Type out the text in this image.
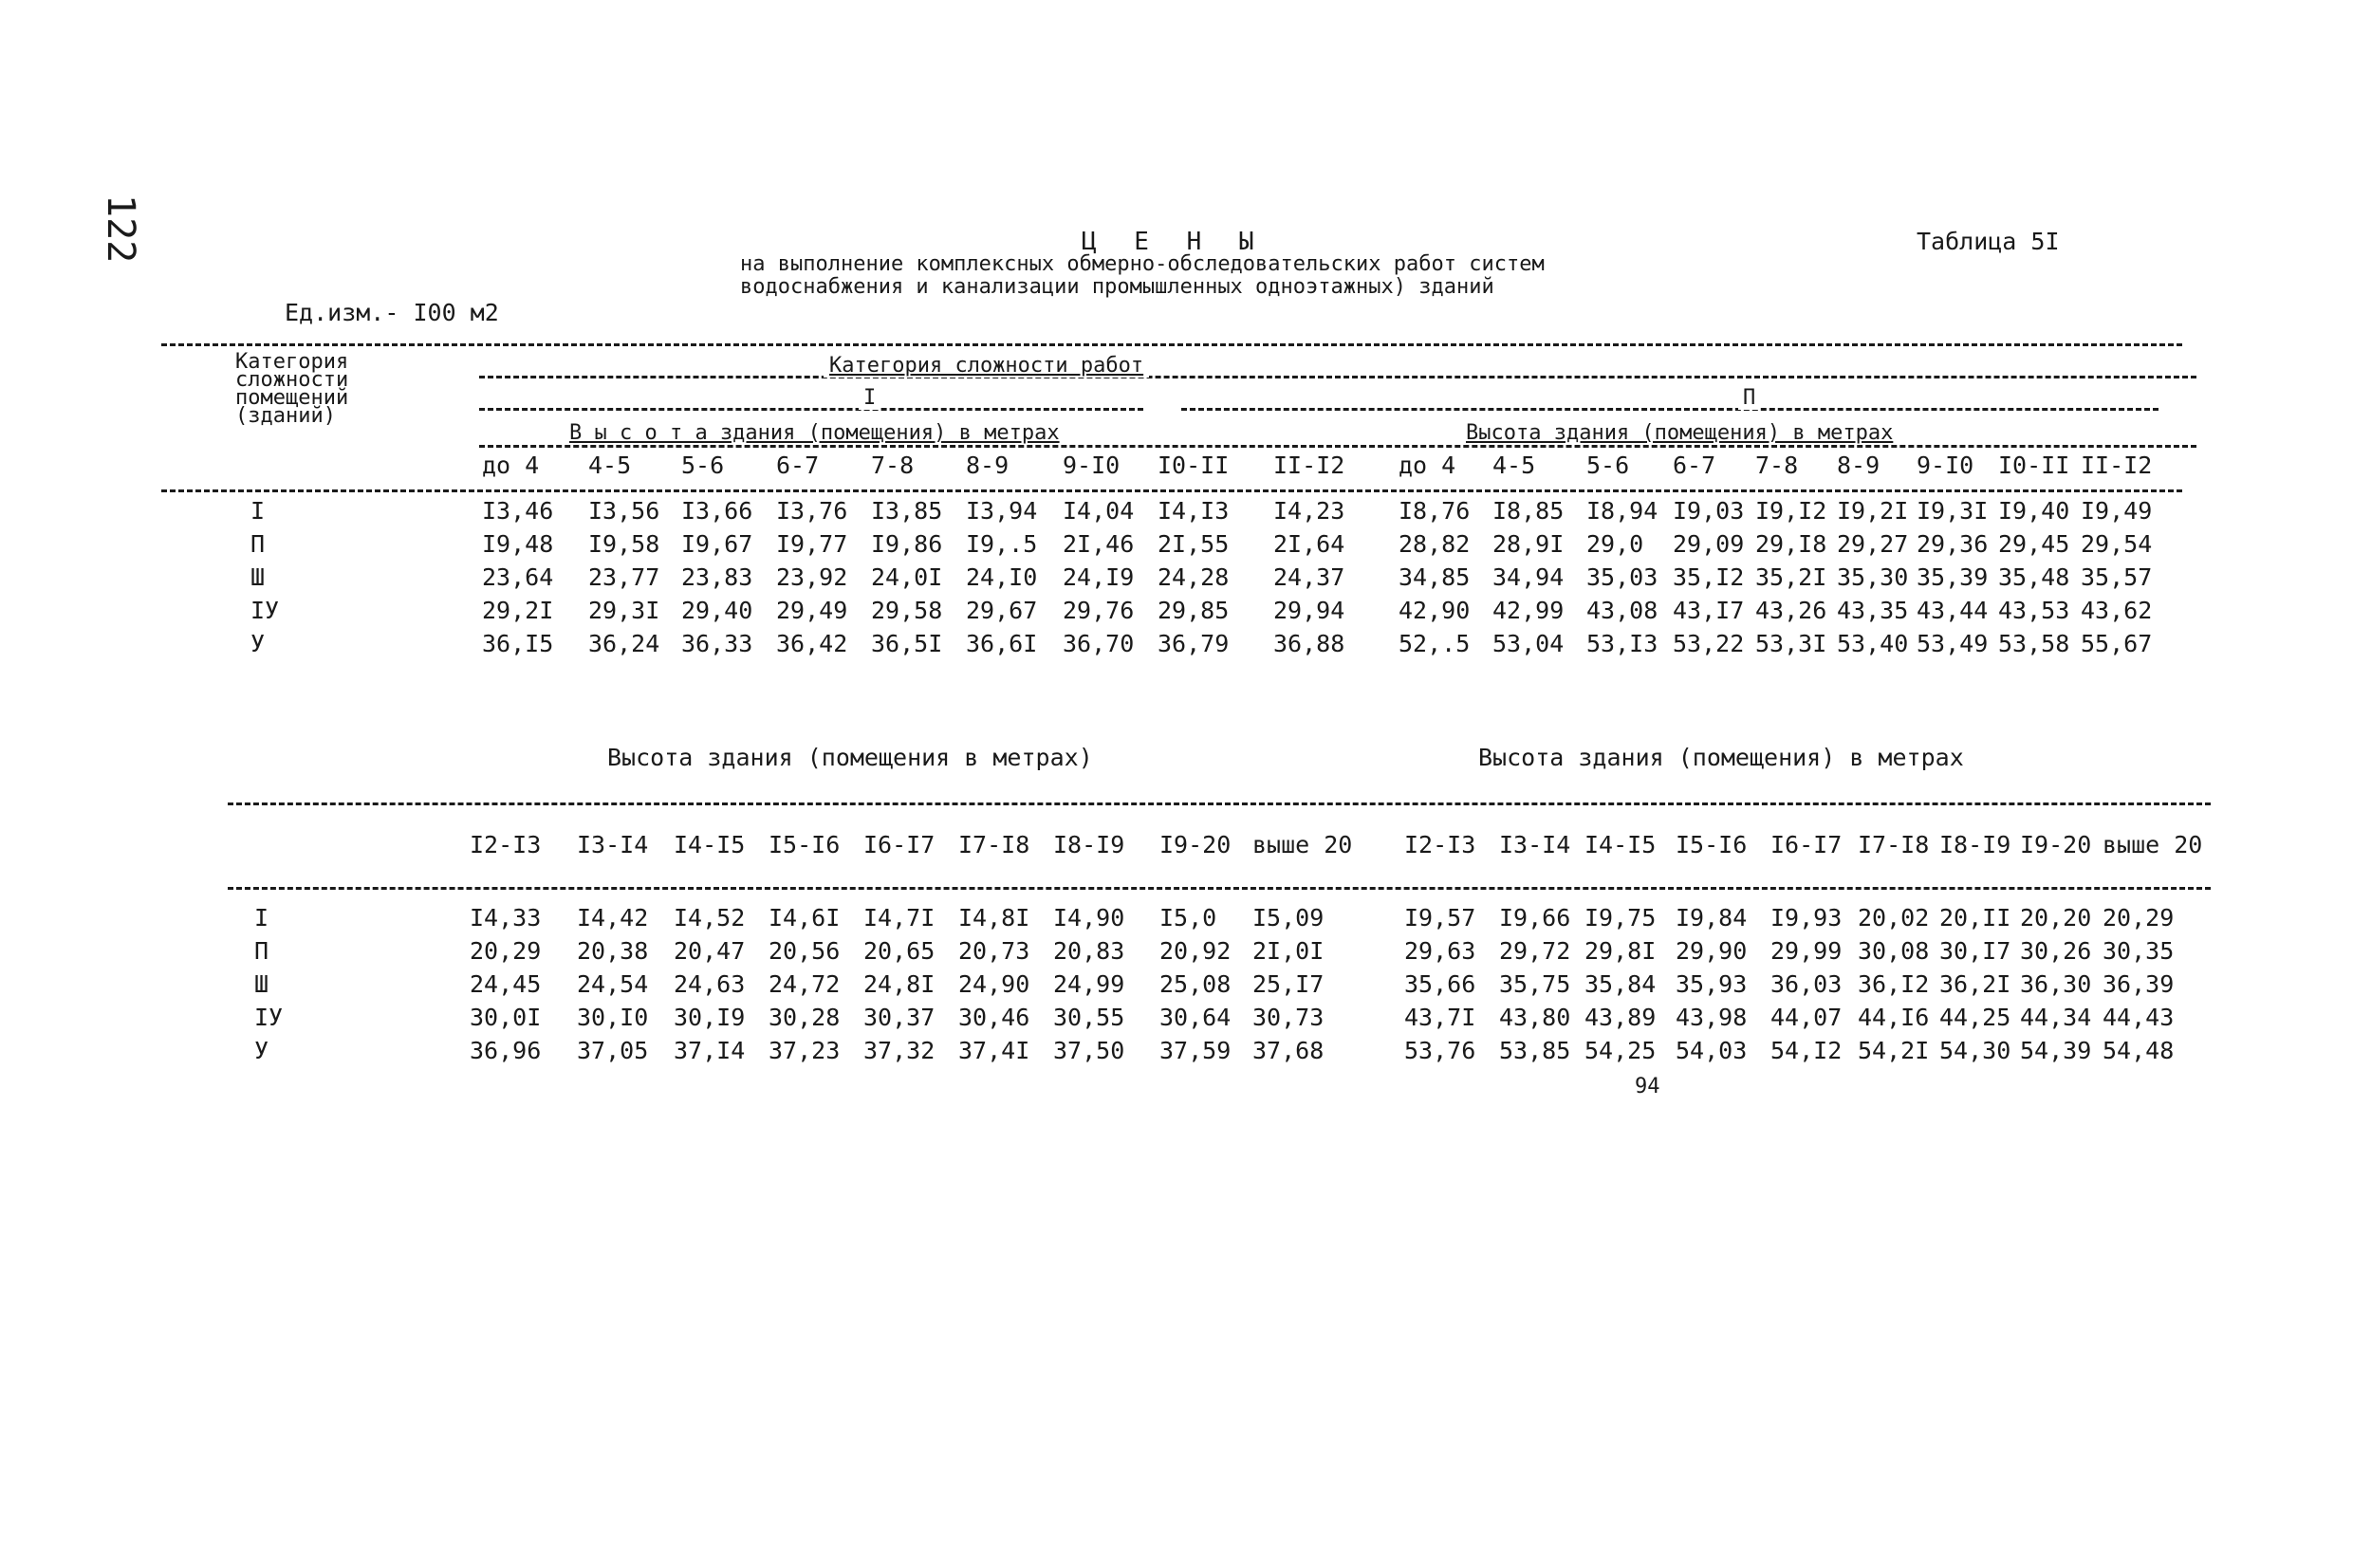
122	Ц Е Н Ы
на выполнение комплексных обмерно-обследовательских работ систем
водоснабжения и канализации промышленных одноэтажных) зданий
Таблица 5I
Ед.изм.- I00 м2
Категория
сложности
помещений
(зданий)
Категория сложности работ
I	П
В ы с о т а здания (помещения) в метрах	Высота здания (помещения) в метрах
до 4 4-5 5-6 6-7 7-8 8-9 9-I0 I0-II II-I2 до 4 4-5 5-6 6-7 7-8 8-9 9-I0 I0-II II-I2
I	I3,46 I3,56 I3,66 I3,76 I3,85 I3,94 I4,04 I4,I3 I4,23 I8,76 I8,85 I8,94 I9,03 I9,I2 I9,2I I9,3I I9,40 I9,49
П	I9,48 I9,58 I9,67 I9,77 I9,86 I9,.5 2I,46 2I,55 2I,64 28,82 28,9I 29,0 29,09 29,I8 29,27 29,36 29,45 29,54
Ш	23,64 23,77 23,83 23,92 24,0I 24,I0 24,I9 24,28 24,37 34,85 34,94 35,03 35,I2 35,2I 35,30 35,39 35,48 35,57
IУ	29,2I 29,3I 29,40 29,49 29,58 29,67 29,76 29,85 29,94 42,90 42,99 43,08 43,I7 43,26 43,35 43,44 43,53 43,62
У	36,I5 36,24 36,33 36,42 36,5I 36,6I 36,70 36,79 36,88 52,.5 53,04 53,I3 53,22 53,3I 53,40 53,49 53,58 55,67
Высота здания (помещения в метрах)	Высота здания (помещения) в метрах
I2-I3 I3-I4 I4-I5 I5-I6 I6-I7 I7-I8 I8-I9 I9-20 выше 20 I2-I3 I3-I4 I4-I5 I5-I6 I6-I7 I7-I8 I8-I9 I9-20 выше 20
I	I4,33 I4,42 I4,52 I4,6I I4,7I I4,8I I4,90 I5,0 I5,09	I9,57 I9,66 I9,75 I9,84 I9,93 20,02 20,II 20,20 20,29
П	20,29 20,38 20,47 20,56 20,65 20,73 20,83 20,92 2I,0I	29,63 29,72 29,8I 29,90 29,99 30,08 30,I7 30,26 30,35
Ш	24,45 24,54 24,63 24,72 24,8I 24,90 24,99 25,08 25,I7	35,66 35,75 35,84 35,93 36,03 36,I2 36,2I 36,30 36,39
IУ	30,0I 30,I0 30,I9 30,28 30,37 30,46 30,55 30,64 30,73	43,7I 43,80 43,89 43,98 44,07 44,I6 44,25 44,34 44,43
У	36,96 37,05 37,I4 37,23 37,32 37,4I 37,50 37,59 37,68	53,76 53,85 54,25 54,03 54,I2 54,2I 54,30 54,39 54,48
94
